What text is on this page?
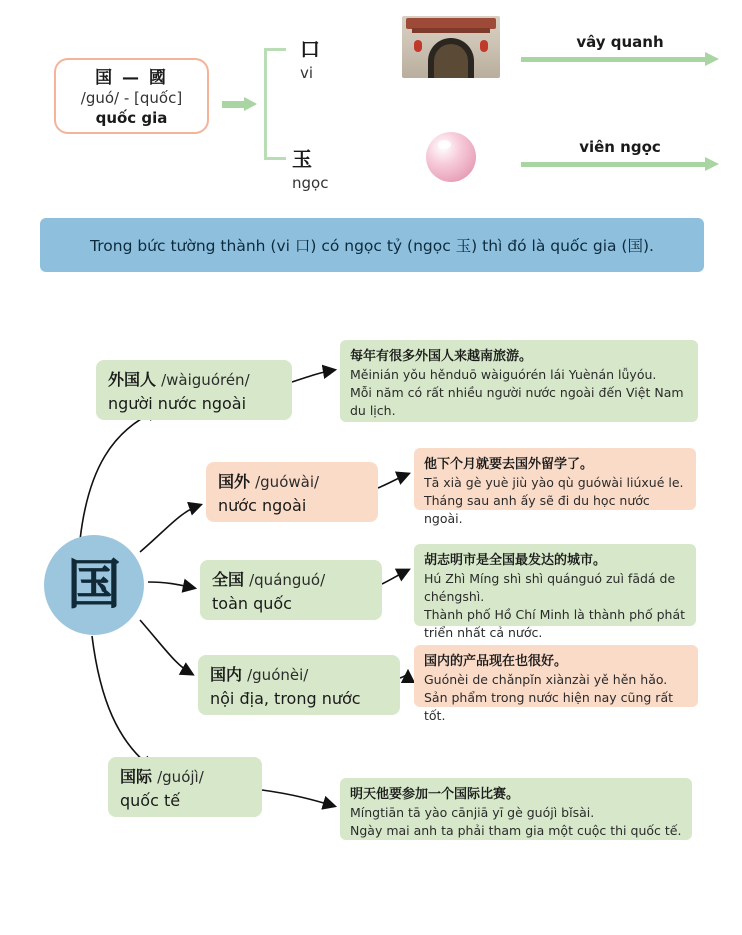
国 — 國
/guó/ - [quốc]
quốc gia
口
vi
玉
ngọc
vây quanh
viên ngọc
Trong bức tường thành (vi 口) có ngọc tỷ (ngọc 玉) thì đó là quốc gia (国).
国
外国人 /wàiguórén/
người nước ngoài
国外 /guówài/
nước ngoài
全国 /quánguó/
toàn quốc
国内 /guónèi/
nội địa, trong nước
国际 /guójì/
quốc tế
每年有很多外国人来越南旅游。
Měinián yǒu hěnduō wàiguórén lái Yuènán lǚyóu.
Mỗi năm có rất nhiều người nước ngoài đến Việt Nam du lịch.
他下个月就要去国外留学了。
Tā xià gè yuè jiù yào qù guówài liúxué le.
Tháng sau anh ấy sẽ đi du học nước ngoài.
胡志明市是全国最发达的城市。
Hú Zhì Míng shì shì quánguó zuì fādá de chéngshì.
Thành phố Hồ Chí Minh là thành phố phát triển nhất cả nước.
国内的产品现在也很好。
Guónèi de chǎnpǐn xiànzài yě hěn hǎo.
Sản phẩm trong nước hiện nay cũng rất tốt.
明天他要参加一个国际比赛。
Míngtiān tā yào cānjiā yī gè guójì bǐsài.
Ngày mai anh ta phải tham gia một cuộc thi quốc tế.
